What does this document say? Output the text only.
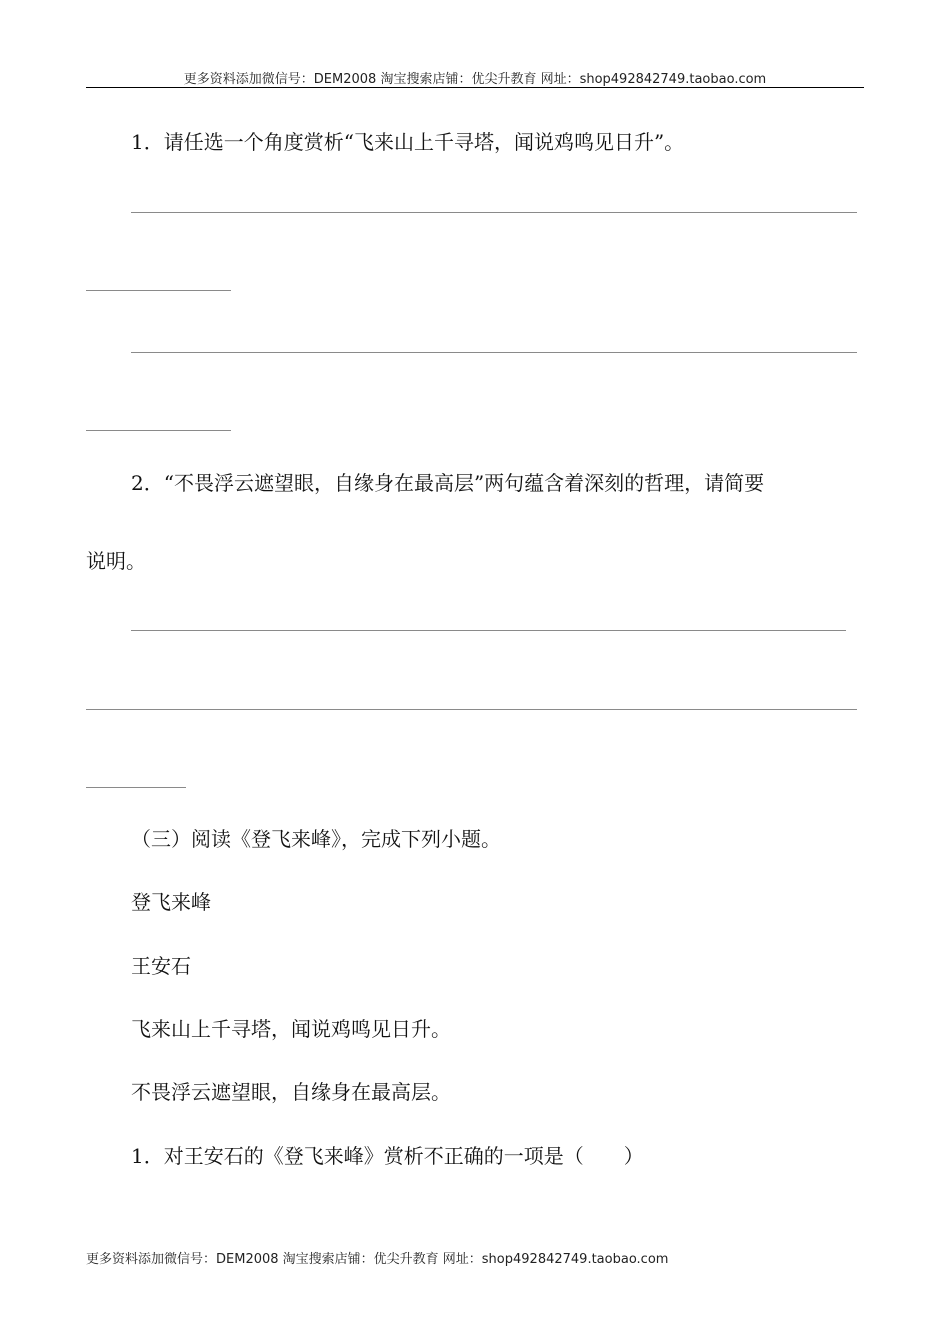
更多资料添加微信号：DEM2008 淘宝搜索店铺：优尖升教育 网址：shop492842749.taobao.com
1．请任选一个角度赏析“飞来山上千寻塔，闻说鸡鸣见日升”。
2．“不畏浮云遮望眼，自缘身在最高层”两句蕴含着深刻的哲理，请简要
说明。
（三）阅读《登飞来峰》，完成下列小题。
登飞来峰
王安石
飞来山上千寻塔，闻说鸡鸣见日升。
不畏浮云遮望眼，自缘身在最高层。
1．对王安石的《登飞来峰》赏析不正确的一项是（　　）
更多资料添加微信号：DEM2008 淘宝搜索店铺：优尖升教育 网址：shop492842749.taobao.com
